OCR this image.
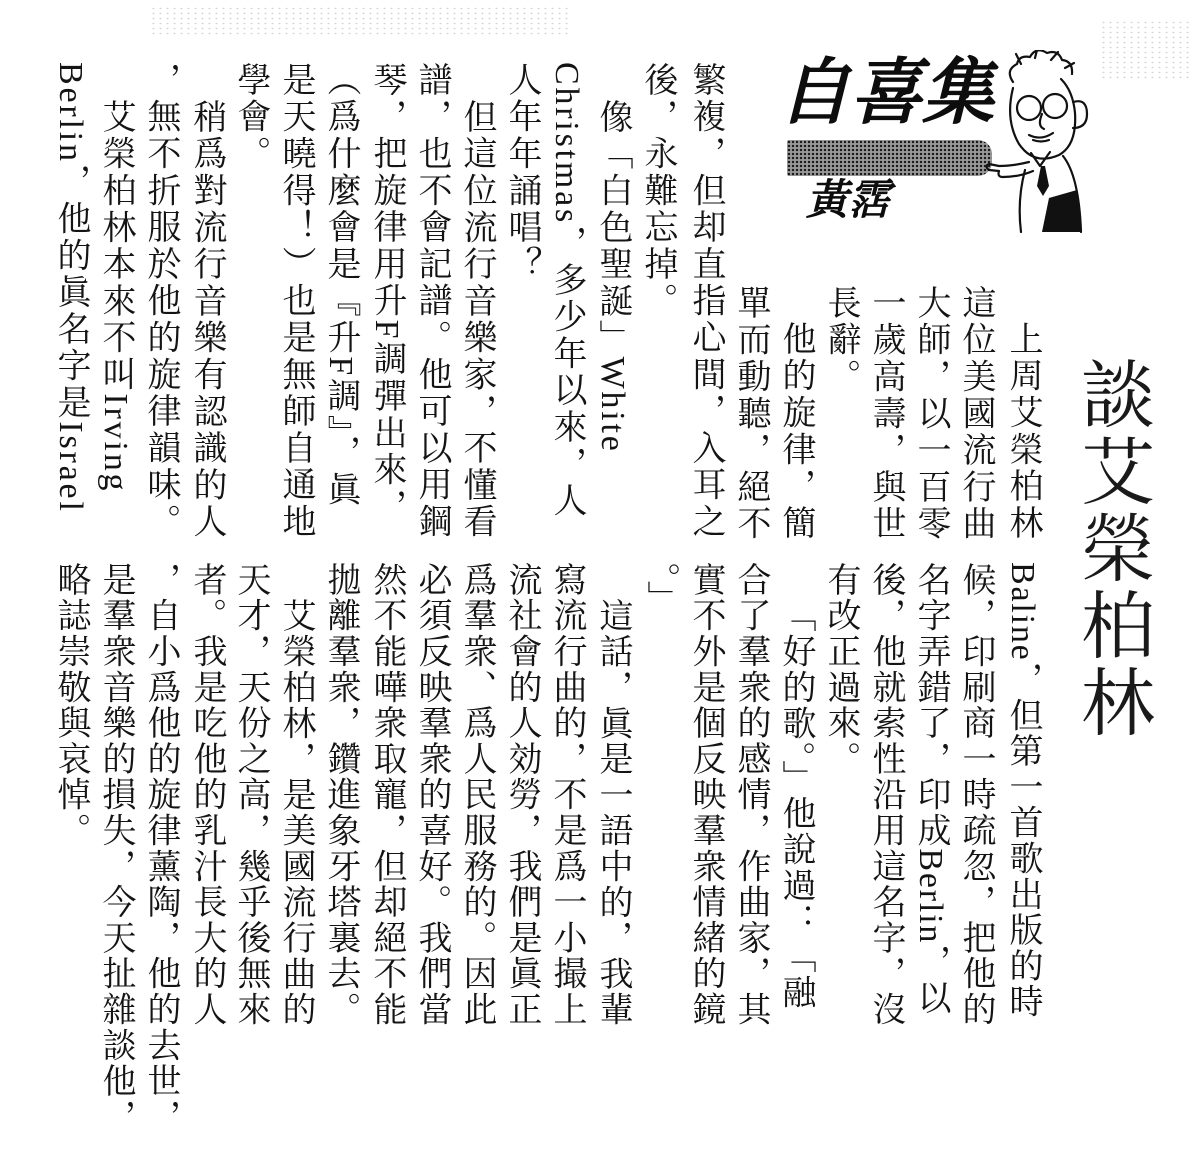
自喜集
黃霑
談艾榮柏林
上周艾榮柏林
這位美國流行曲
大師，以一百零
一歲高壽，與世
長辭。
他的旋律，簡
單而動聽，絕不
繁複，但却直指心間，入耳之
後，永難忘掉。
像「白色聖誕」White
Christmas，多少年以來，人
人年年誦唱？
但這位流行音樂家，不懂看
譜，也不會記譜。他可以用鋼
琴，把旋律用升F調彈出來，
（爲什麼會是『升F調』，眞
是天曉得！）也是無師自通地
學會。
稍爲對流行音樂有認識的人
，無不折服於他的旋律韻味。
艾榮柏林本來不叫Irving
Berlin，他的眞名字是Israel
Baline，但第一首歌出版的時
候，印刷商一時疏忽，把他的
名字弄錯了，印成Berlin，以
後，他就索性沿用這名字，沒
有改正過來。
「好的歌。」他說過：「融
合了羣衆的感情，作曲家，其
實不外是個反映羣衆情緒的鏡
。」
這話，眞是一語中的，我輩
寫流行曲的，不是爲一小撮上
流社會的人効勞，我們是眞正
爲羣衆、爲人民服務的。因此
必須反映羣衆的喜好。我們當
然不能嘩衆取寵，但却絕不能
拋離羣衆，鑽進象牙塔裏去。
艾榮柏林，是美國流行曲的
天才，天份之高，幾乎後無來
者。我是吃他的乳汁長大的人
，自小爲他的旋律薰陶，他的去世，
是羣衆音樂的損失，今天扯雜談他，
略誌崇敬與哀悼。
